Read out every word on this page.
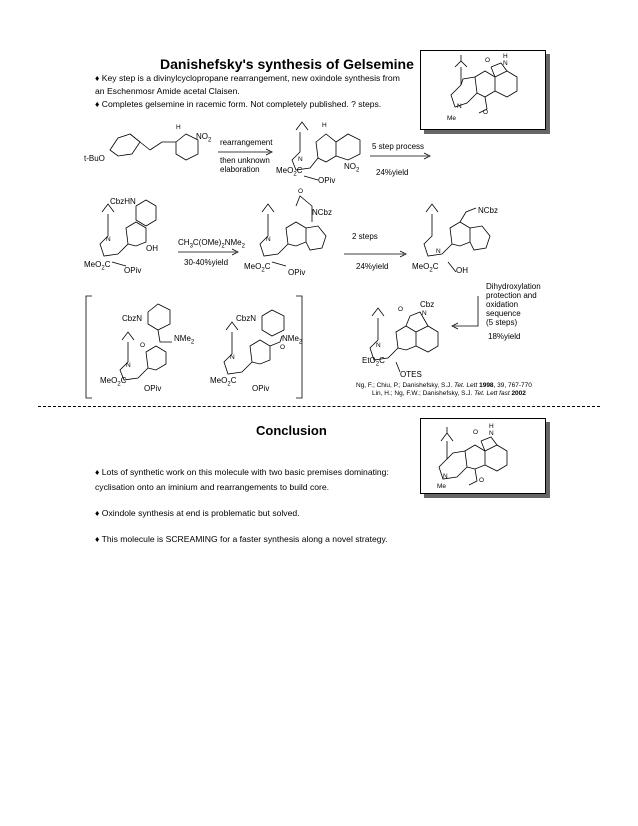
Danishefsky's synthesis of Gelsemine
♦ Key step is a divinylcyclopropane rearrangement, new oxindole synthesis from
an Eschenmosr Amide acetal Claisen.
♦ Completes gelsemine in racemic form. Not completely published. ? steps.
O
H
N
N
Me
O
t-BuO
H
$NO_2$ rearrangement
then unknown
elaboration
H
N
MeO$_2$C	$NO_2$
OPiv
5 step process
24%yield
CbzHN
N
OH
MeO$_2$C
OPiv
$CH_3C(OMe)_2NMe_2$
30-40%yield
O
NCbz
N
MeO$_2$C
OPiv
2 steps
24%yield
NCbz
N
MeO$_2$C OH
CbzN
NMe$_2$
O
N
MeO$_2$C
OPiv
CbzN
NMe$_2$
O
N
MeO$_2$C
OPiv
Cbz
O
N
N
EtO$_2$C
OTES
Dihydroxylation
protection and
oxidation
sequence
(5 steps)
18%yield
Ng, F.; Chiu, P.; Danishefsky, S.J. Tet. Lett 1998, 39, 767-770
Lin, H.; Ng, F.W.; Danishefsky, S.J. Tet. Lett fast 2002
Conclusion	O
H
N
N
Me
O
♦ Lots of synthetic work on this molecule with two basic premises dominating:
cyclisation onto an iminium and rearrangements to build core.
♦ Oxindole synthesis at end is problematic but solved.
♦ This molecule is SCREAMING for a faster synthesis along a novel strategy.
